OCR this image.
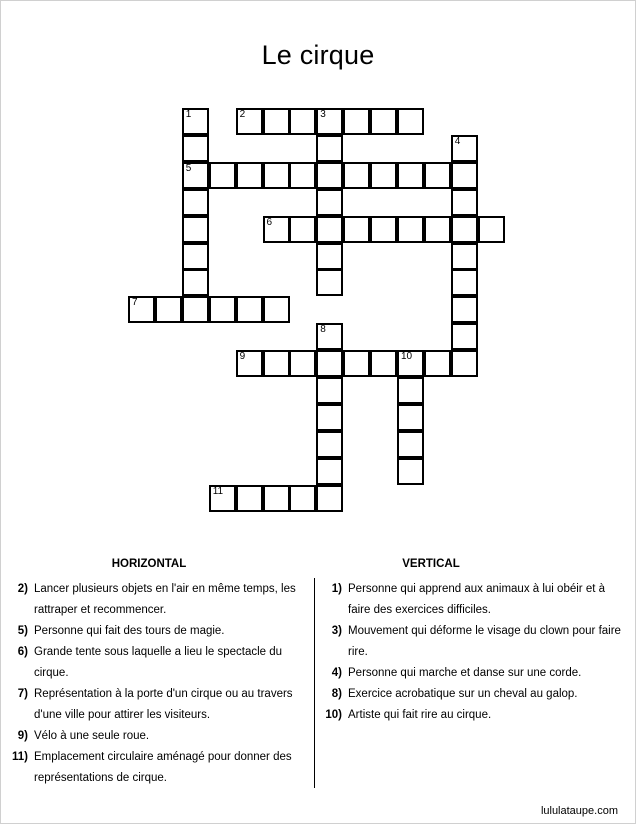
Le cirque
1
5
2	3
4
6
7
8
9	10
11
HORIZONTAL
2) Lancer plusieurs objets en l'air en même temps, les rattraper et recommencer.
5) Personne qui fait des tours de magie.
6) Grande tente sous laquelle a lieu le spectacle du cirque.
7) Représentation à la porte d'un cirque ou au travers d'une ville pour attirer les visiteurs.
9) Vélo à une seule roue.
11) Emplacement circulaire aménagé pour donner des représentations de cirque.
VERTICAL
1) Personne qui apprend aux animaux à lui obéir et à faire des exercices difficiles.
3) Mouvement qui déforme le visage du clown pour faire rire.
4) Personne qui marche et danse sur une corde.
8) Exercice acrobatique sur un cheval au galop.
10) Artiste qui fait rire au cirque.
lululataupe.com
